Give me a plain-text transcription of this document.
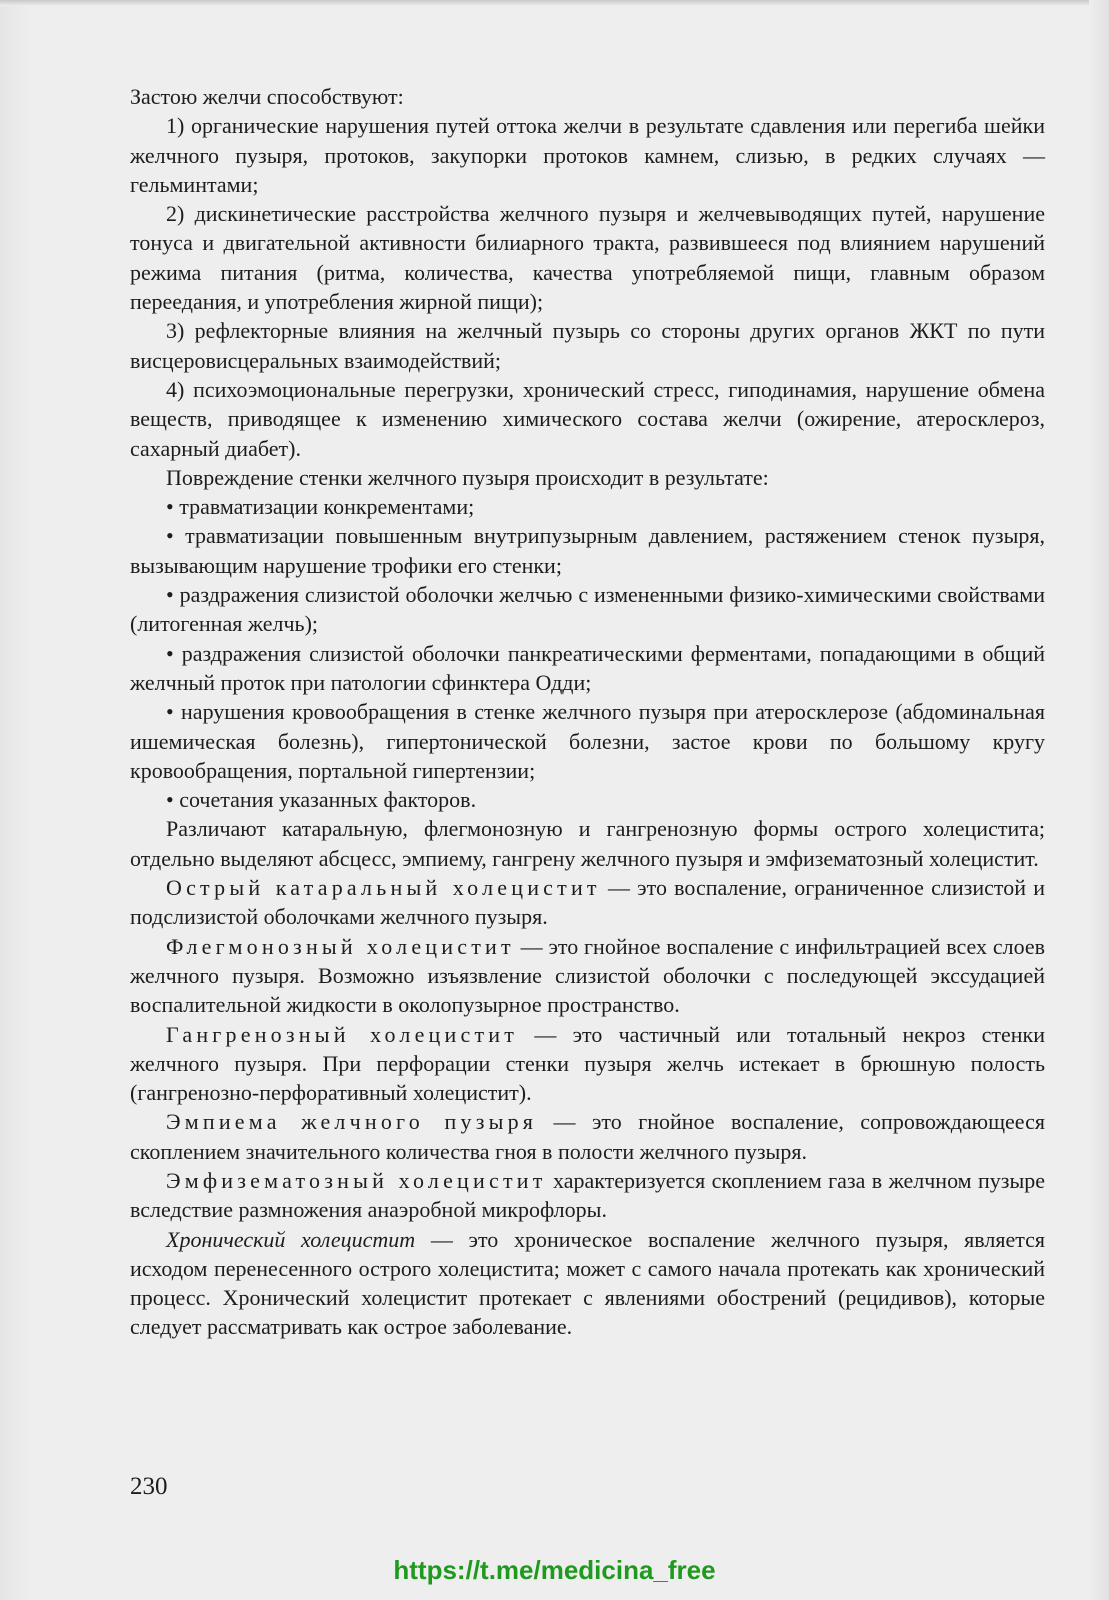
Застою желчи способствуют:

1) органические нарушения путей оттока желчи в результате сдавления или перегиба шейки желчного пузыря, протоков, закупорки протоков камнем, слизью, в редких случаях — гельминтами;

2) дискинетические расстройства желчного пузыря и желчевыводящих путей, нарушение тонуса и двигательной активности билиарного тракта, развившееся под влиянием нарушений режима питания (ритма, количества, качества употребляемой пищи, главным образом переедания, и употребления жирной пищи);

3) рефлекторные влияния на желчный пузырь со стороны других органов ЖКТ по пути висцеровисцеральных взаимодействий;

4) психоэмоциональные перегрузки, хронический стресс, гиподинамия, нарушение обмена веществ, приводящее к изменению химического состава желчи (ожирение, атеросклероз, сахарный диабет).

Повреждение стенки желчного пузыря происходит в результате:

• травматизации конкрементами;

• травматизации повышенным внутрипузырным давлением, растяжением стенок пузыря, вызывающим нарушение трофики его стенки;

• раздражения слизистой оболочки желчью с измененными физико-химическими свойствами (литогенная желчь);

• раздражения слизистой оболочки панкреатическими ферментами, попадающими в общий желчный проток при патологии сфинктера Одди;

• нарушения кровообращения в стенке желчного пузыря при атеросклерозе (абдоминальная ишемическая болезнь), гипертонической болезни, застое крови по большому кругу кровообращения, портальной гипертензии;

• сочетания указанных факторов.

Различают катаральную, флегмонозную и гангренозную формы острого холецистита; отдельно выделяют абсцесс, эмпиему, гангрену желчного пузыря и эмфизематозный холецистит.

Острый катаральный холецистит — это воспаление, ограниченное слизистой и подслизистой оболочками желчного пузыря.

Флегмонозный холецистит — это гнойное воспаление с инфильтрацией всех слоев желчного пузыря. Возможно изъязвление слизистой оболочки с последующей экссудацией воспалительной жидкости в околопузырное пространство.

Гангренозный холецистит — это частичный или тотальный некроз стенки желчного пузыря. При перфорации стенки пузыря желчь истекает в брюшную полость (гангренозно-перфоративный холецистит).

Эмпиема желчного пузыря — это гнойное воспаление, сопровождающееся скоплением значительного количества гноя в полости желчного пузыря.

Эмфизематозный холецистит характеризуется скоплением газа в желчном пузыре вследствие размножения анаэробной микрофлоры.

Хронический холецистит — это хроническое воспаление желчного пузыря, является исходом перенесенного острого холецистита; может с самого начала протекать как хронический процесс. Хронический холецистит протекает с явлениями обострений (рецидивов), которые следует рассматривать как острое заболевание.

230
https://t.me/medicina_free
